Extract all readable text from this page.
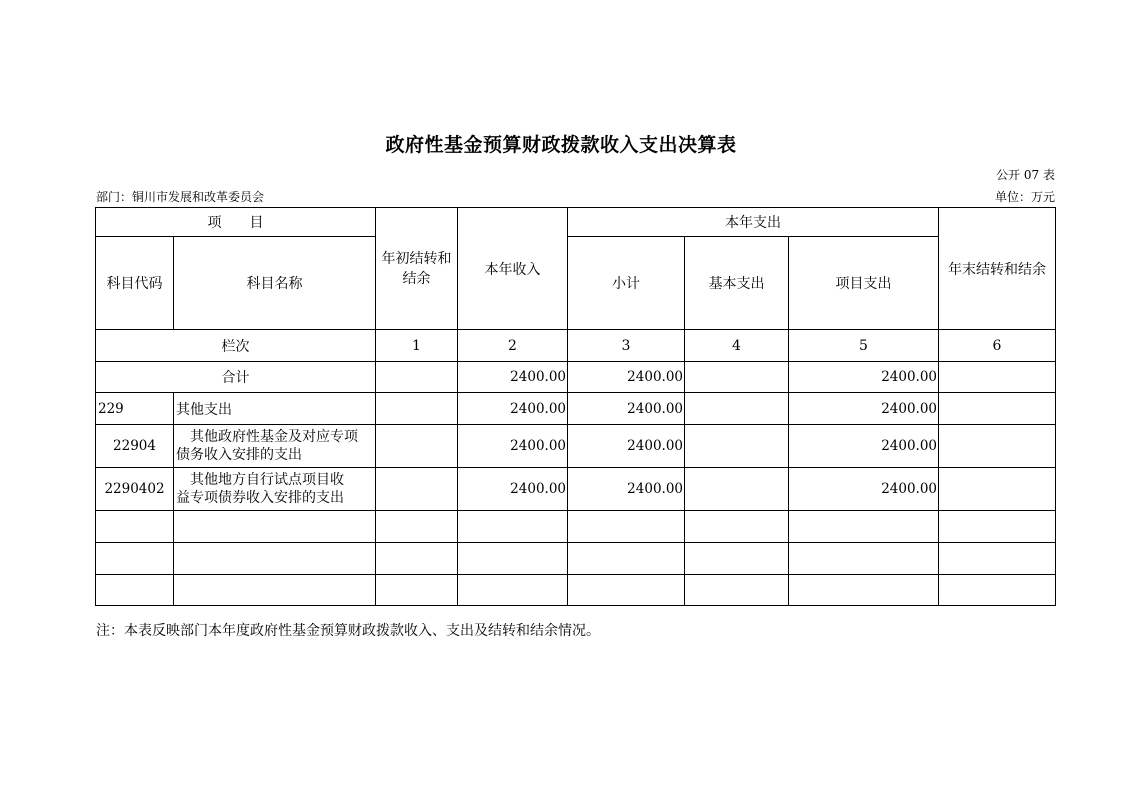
政府性基金预算财政拨款收入支出决算表
公开 07 表
部门：铜川市发展和改革委员会	单位：万元
项　　目		年初结转和结余	本年收入	本年支出			年末结转和结余
科目代码	科目名称			小计	基本支出	项目支出	
栏次		1	2	3	4	5	6
合计			2400.00	2400.00		2400.00	
229	其他支出		2400.00	2400.00		2400.00	
22904	其他政府性基金及对应专项
债务收入安排的支出		2400.00	2400.00		2400.00	
2290402	其他地方自行试点项目收
益专项债券收入安排的支出		2400.00	2400.00		2400.00	

注：本表反映部门本年度政府性基金预算财政拨款收入、支出及结转和结余情况。
